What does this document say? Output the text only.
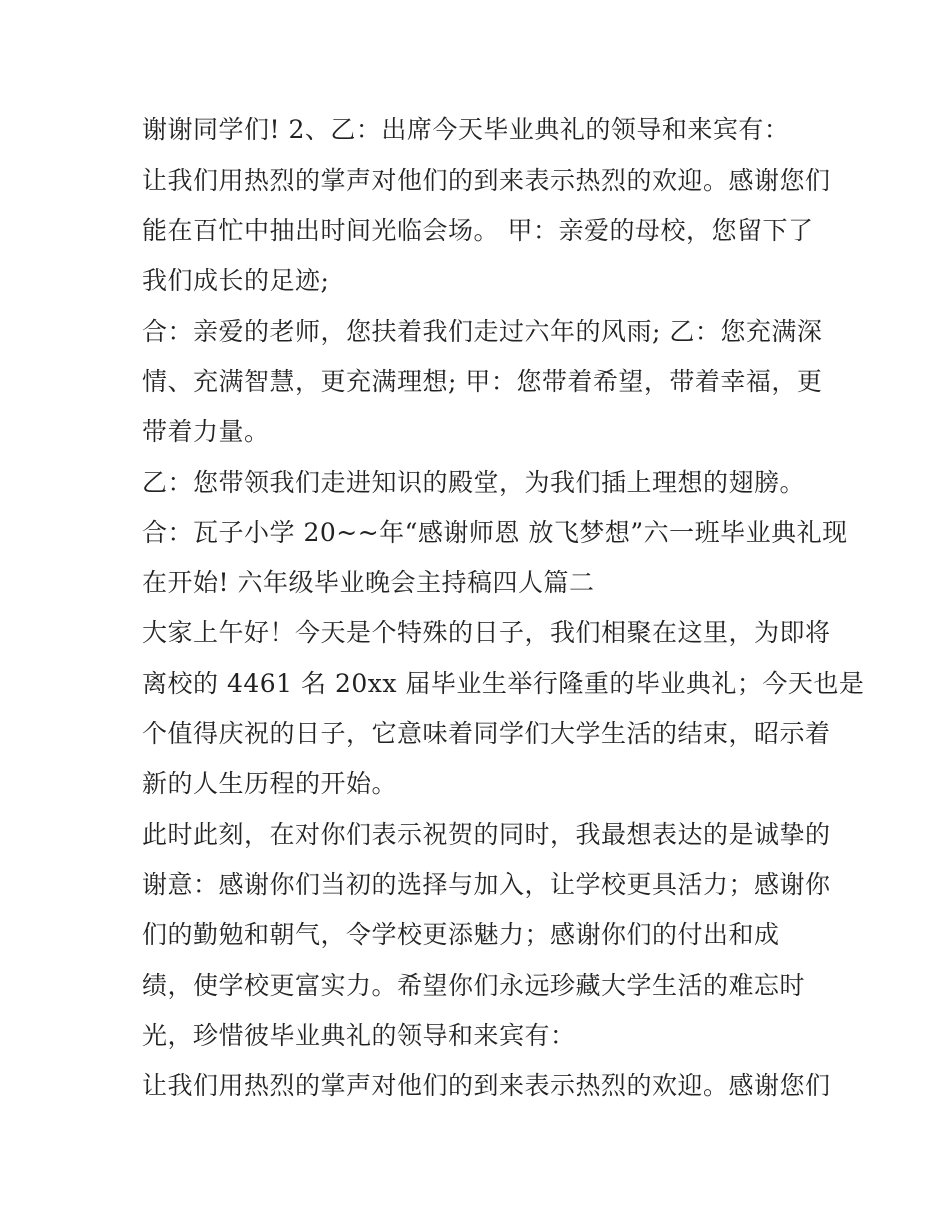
谢谢同学们! 2、乙：出席今天毕业典礼的领导和来宾有：
让我们用热烈的掌声对他们的到来表示热烈的欢迎。感谢您们
能在百忙中抽出时间光临会场。 甲：亲爱的母校，您留下了
我们成长的足迹;
合：亲爱的老师，您扶着我们走过六年的风雨; 乙：您充满深
情、充满智慧，更充满理想; 甲：您带着希望，带着幸福，更
带着力量。
乙：您带领我们走进知识的殿堂，为我们插上理想的翅膀。
合：瓦子小学 20~~年“感谢师恩 放飞梦想”六一班毕业典礼现
在开始! 六年级毕业晚会主持稿四人篇二
大家上午好！今天是个特殊的日子，我们相聚在这里，为即将
离校的 4461 名 20xx 届毕业生举行隆重的毕业典礼；今天也是
个值得庆祝的日子，它意味着同学们大学生活的结束，昭示着
新的人生历程的开始。
此时此刻，在对你们表示祝贺的同时，我最想表达的是诚挚的
谢意：感谢你们当初的选择与加入，让学校更具活力；感谢你
们的勤勉和朝气，令学校更添魅力；感谢你们的付出和成
绩，使学校更富实力。希望你们永远珍藏大学生活的难忘时
光，珍惜彼毕业典礼的领导和来宾有：
让我们用热烈的掌声对他们的到来表示热烈的欢迎。感谢您们
